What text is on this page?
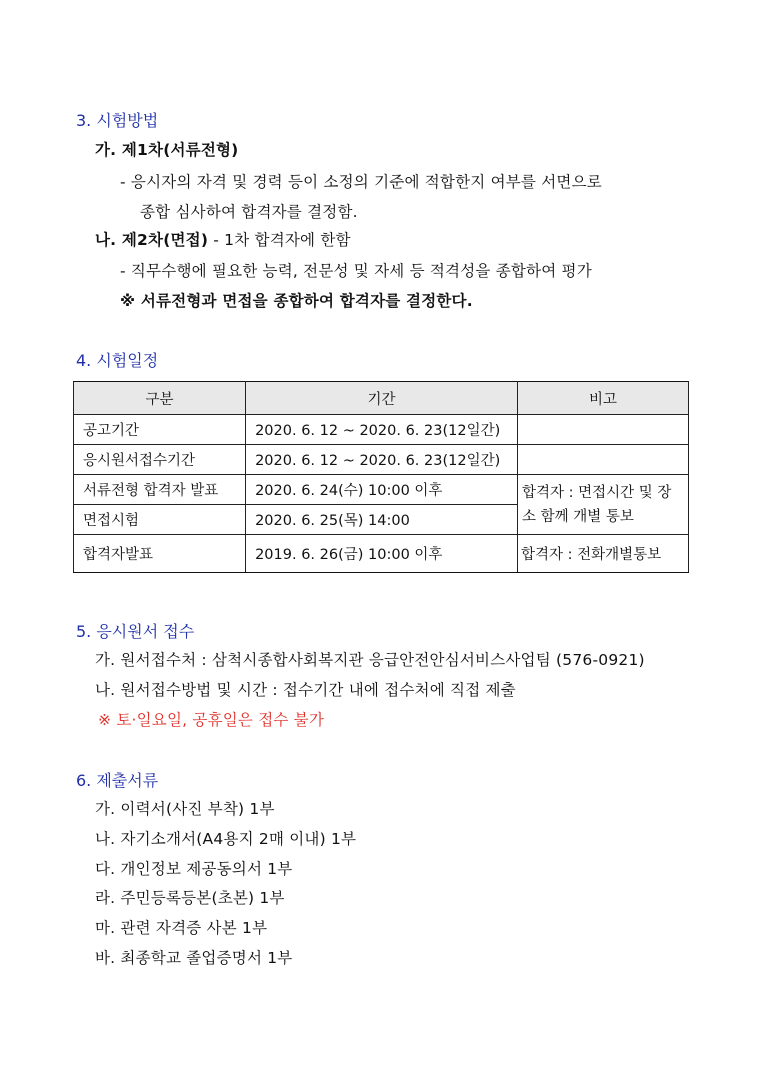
3. 시험방법
가. 제1차(서류전형)
- 응시자의 자격 및 경력 등이 소정의 기준에 적합한지 여부를 서면으로
종합 심사하여 합격자를 결정함.
나. 제2차(면접) - 1차 합격자에 한함
- 직무수행에 필요한 능력, 전문성 및 자세 등 적격성을 종합하여 평가
※ 서류전형과 면접을 종합하여 합격자를 결정한다.
4. 시험일정
구분	기간	비고
공고기간	2020. 6. 12 ~ 2020. 6. 23(12일간)	
응시원서접수기간	2020. 6. 12 ~ 2020. 6. 23(12일간)	
서류전형 합격자 발표	2020. 6. 24(수) 10:00 이후	합격자 : 면접시간 및 장소 함께 개별 통보
면접시험	2020. 6. 25(목) 14:00	
합격자발표	2019. 6. 26(금) 10:00 이후	합격자 : 전화개별통보
5. 응시원서 접수
가. 원서접수처 : 삼척시종합사회복지관 응급안전안심서비스사업팀 (576-0921)
나. 원서접수방법 및 시간 : 접수기간 내에 접수처에 직접 제출
※ 토·일요일, 공휴일은 접수 불가
6. 제출서류
가. 이력서(사진 부착) 1부
나. 자기소개서(A4용지 2매 이내) 1부
다. 개인정보 제공동의서 1부
라. 주민등록등본(초본) 1부
마. 관련 자격증 사본 1부
바. 최종학교 졸업증명서 1부
